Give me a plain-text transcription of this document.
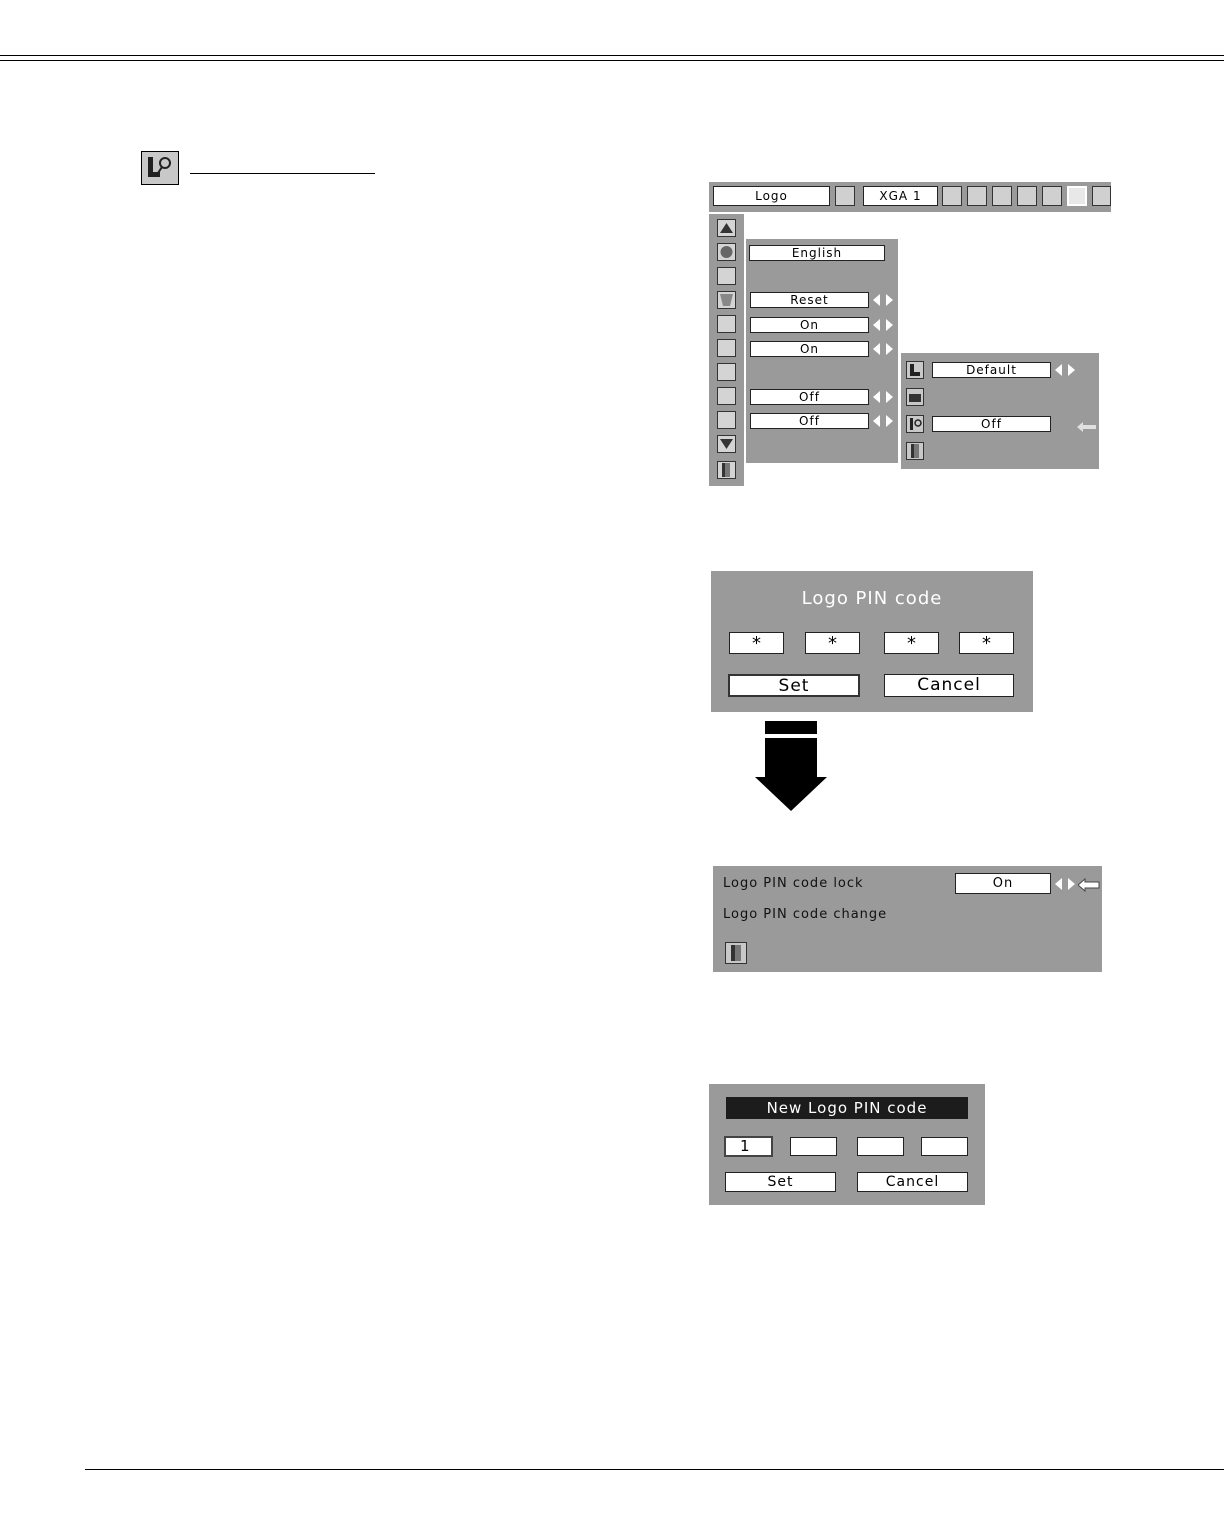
Logo	XGA 1
English
Reset
On
On
Off
Off
Default
Off
Logo PIN code
*	*	*	*
Set	Cancel
Logo PIN code lock	On
Logo PIN code change
New Logo PIN code
1
Set	Cancel
